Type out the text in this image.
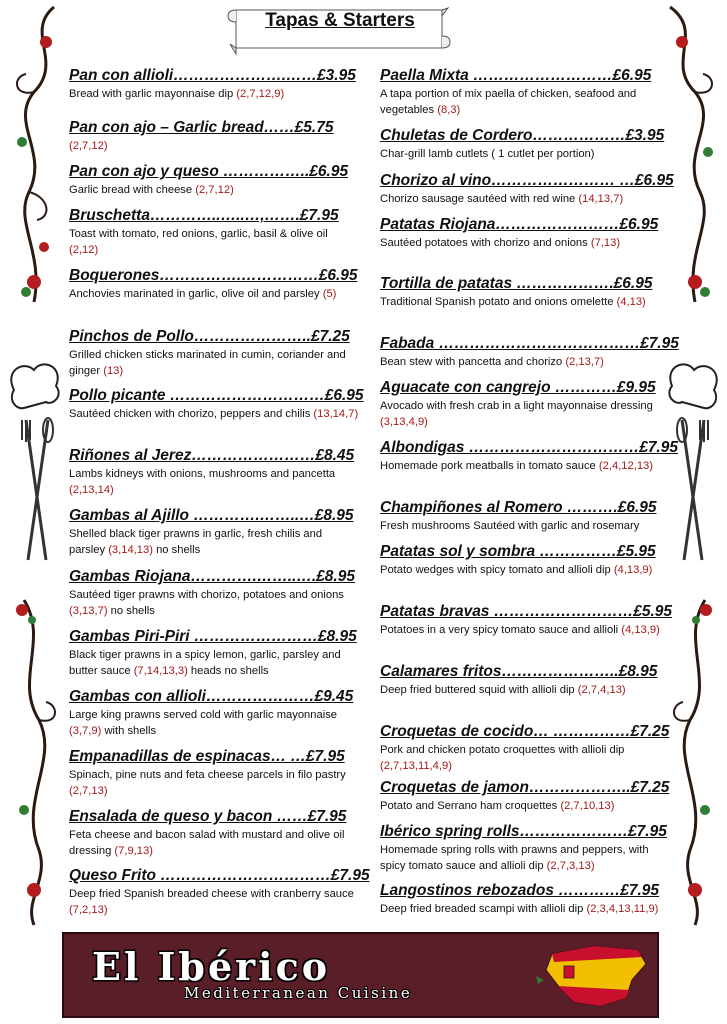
Tapas & Starters
Pan con allioli………………….……£3.95
Bread with garlic mayonnaise dip (2,7,12,9)
Pan con ajo – Garlic bread……£5.75
(2,7,12)
Pan con ajo y queso ……………..£6.95
Garlic bread with cheese (2,7,12)
Bruschetta…………..…..…,…….£7.95
Toast with tomato, red onions, garlic, basil & olive oil (2,12)
Boquerones…………….……………£6.95
Anchovies marinated in garlic, olive oil and parsley (5)
Pinchos de Pollo…………………..£7.25
Grilled chicken sticks marinated in cumin, coriander and ginger (13)
Pollo picante …………………………£6.95
Sautéed chicken with chorizo, peppers and chilis (13,14,7)
Riñones al Jerez……………………£8.45
Lambs kidneys with onions, mushrooms and pancetta (2,13,14)
Gambas al Ajillo ………….……..…£8.95
Shelled black tiger prawns in garlic, fresh chilis and parsley (3,14,13) no shells
Gambas Riojana………….……..….£8.95
Sautéed tiger prawns with chorizo, potatoes and onions (3,13,7) no shells
Gambas Piri-Piri ……………………£8.95
Black tiger prawns in a spicy lemon, garlic, parsley and butter sauce (7,14,13,3) heads no shells
Gambas con allioli…………………£9.45
Large king prawns served cold with garlic mayonnaise (3,7,9) with shells
Empanadillas de espinacas… …£7.95
Spinach, pine nuts and feta cheese parcels in filo pastry (2,7,13)
Ensalada de queso y bacon ……£7.95
Feta cheese and bacon salad with mustard and olive oil dressing (7,9,13)
Queso Frito ……………………………£7.95
Deep fried Spanish breaded cheese with cranberry sauce (7,2,13)
Paella Mixta ………………………£6.95
A tapa portion of mix paella of chicken, seafood and vegetables (8,3)
Chuletas de Cordero………………£3.95
Char-grill lamb cutlets ( 1 cutlet per portion)
Chorizo al vino…………………… …£6.95
Chorizo sausage sautéed with red wine (14,13,7)
Patatas Riojana……………………£6.95
Sautéed potatoes with chorizo and onions (7,13)
Tortilla de patatas ……………….£6.95
Traditional Spanish potato and onions omelette (4,13)
Fabada …………………………………£7.95
Bean stew with pancetta and chorizo (2,13,7)
Aguacate con cangrejo …………£9.95
Avocado with fresh crab in a light mayonnaise dressing (3,13,4,9)
Albondigas ……………………………£7.95
Homemade pork meatballs in tomato sauce (2,4,12,13)
Champiñones al Romero ……….£6.95
Fresh mushrooms Sautéed with garlic and rosemary
Patatas sol y sombra ……………£5.95
Potato wedges with spicy tomato and allioli dip (4,13,9)
Patatas bravas ………………………£5.95
Potatoes in a very spicy tomato sauce and allioli (4,13,9)
Calamares fritos…………………..£8.95
Deep fried buttered squid with allioli dip (2,7,4,13)
Croquetas de cocido… ……………£7.25
Pork and chicken potato croquettes with allioli dip (2,7,13,11,4,9)
Croquetas de jamon………………..£7.25
Potato and Serrano ham croquettes (2,7,10,13)
Ibérico spring rolls…………………£7.95
Homemade spring rolls with prawns and peppers, with spicy tomato sauce and allioli dip (2,7,3,13)
Langostinos rebozados …………£7.95
Deep fried breaded scampi with allioli dip (2,3,4,13,11,9)
El Ibérico
Mediterranean Cuisine
